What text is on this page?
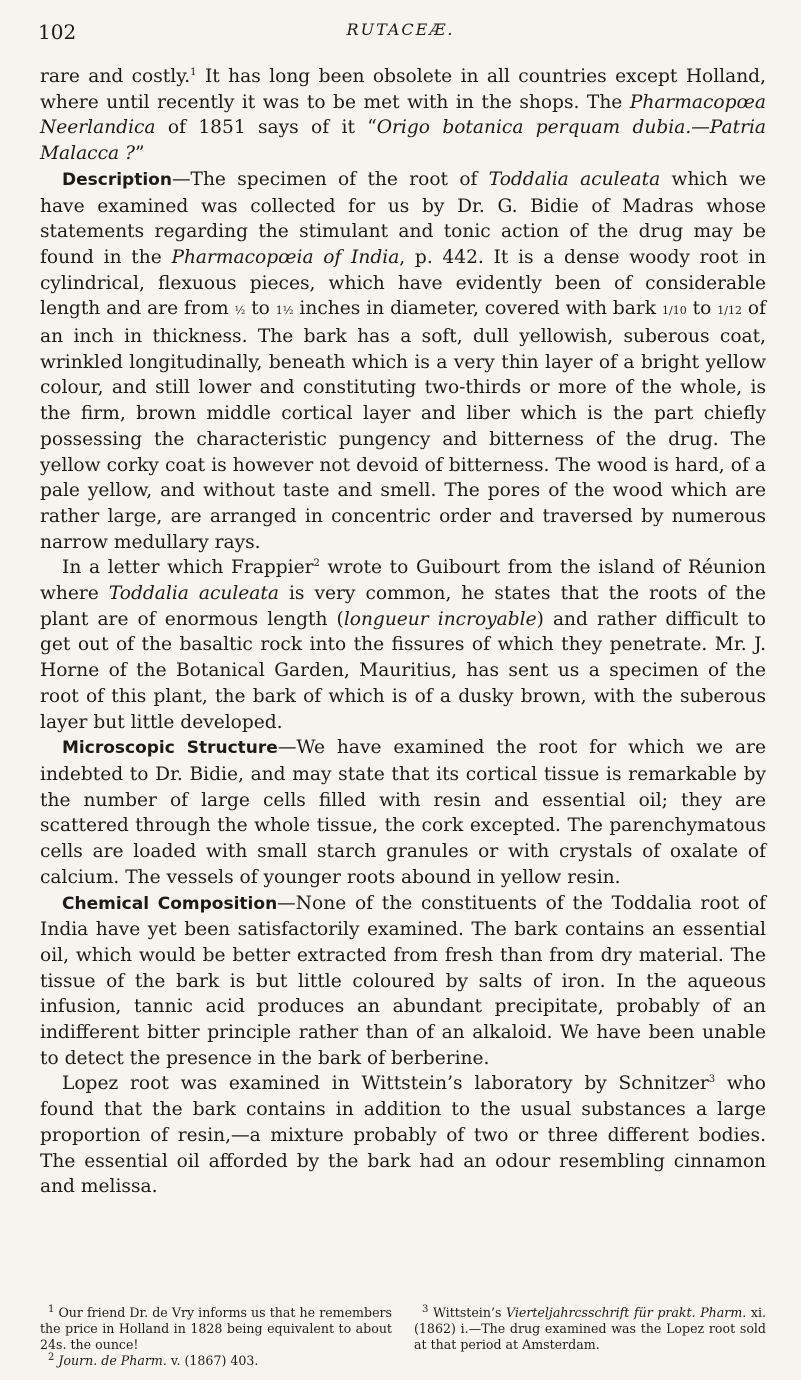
102	RUTACEÆ.

rare and costly.$^1$ It has long been obsolete in all countries except Holland, where until recently it was to be met with in the shops. The Pharmacopœa Neerlandica of 1851 says of it “Origo botanica perquam dubia.—Patria Malacca ?”

Description—The specimen of the root of Toddalia aculeata which we have examined was collected for us by Dr. G. Bidie of Madras whose statements regarding the stimulant and tonic action of the drug may be found in the Pharmacopœia of India, p. 442. It is a dense woody root in cylindrical, flexuous pieces, which have evidently been of considerable length and are from ½ to 1½ inches in diameter, covered with bark 1/10 to 1/12 of an inch in thickness. The bark has a soft, dull yellowish, suberous coat, wrinkled longitudinally, beneath which is a very thin layer of a bright yellow colour, and still lower and constituting two-thirds or more of the whole, is the firm, brown middle cortical layer and liber which is the part chiefly possessing the characteristic pungency and bitterness of the drug. The yellow corky coat is however not devoid of bitterness. The wood is hard, of a pale yellow, and without taste and smell. The pores of the wood which are rather large, are arranged in concentric order and traversed by numerous narrow medullary rays.

In a letter which Frappier$^2$ wrote to Guibourt from the island of Réunion where Toddalia aculeata is very common, he states that the roots of the plant are of enormous length (longueur incroyable) and rather difficult to get out of the basaltic rock into the fissures of which they penetrate. Mr. J. Horne of the Botanical Garden, Mauritius, has sent us a specimen of the root of this plant, the bark of which is of a dusky brown, with the suberous layer but little developed.

Microscopic Structure—We have examined the root for which we are indebted to Dr. Bidie, and may state that its cortical tissue is remarkable by the number of large cells filled with resin and essential oil; they are scattered through the whole tissue, the cork excepted. The parenchymatous cells are loaded with small starch granules or with crystals of oxalate of calcium. The vessels of younger roots abound in yellow resin.

Chemical Composition—None of the constituents of the Toddalia root of India have yet been satisfactorily examined. The bark contains an essential oil, which would be better extracted from fresh than from dry material. The tissue of the bark is but little coloured by salts of iron. In the aqueous infusion, tannic acid produces an abundant precipitate, probably of an indifferent bitter principle rather than of an alkaloid. We have been unable to detect the presence in the bark of berberine.

Lopez root was examined in Wittstein’s laboratory by Schnitzer$^3$ who found that the bark contains in addition to the usual substances a large proportion of resin,—a mixture probably of two or three different bodies. The essential oil afforded by the bark had an odour resembling cinnamon and melissa.

$^1$ Our friend Dr. de Vry informs us that he remembers the price in Holland in 1828 being equivalent to about 24s. the ounce!

$^2$ Journ. de Pharm. v. (1867) 403.

$^3$ Wittstein’s Vierteljahrcsschrift für prakt. Pharm. xi. (1862) i.—The drug examined was the Lopez root sold at that period at Amsterdam.
